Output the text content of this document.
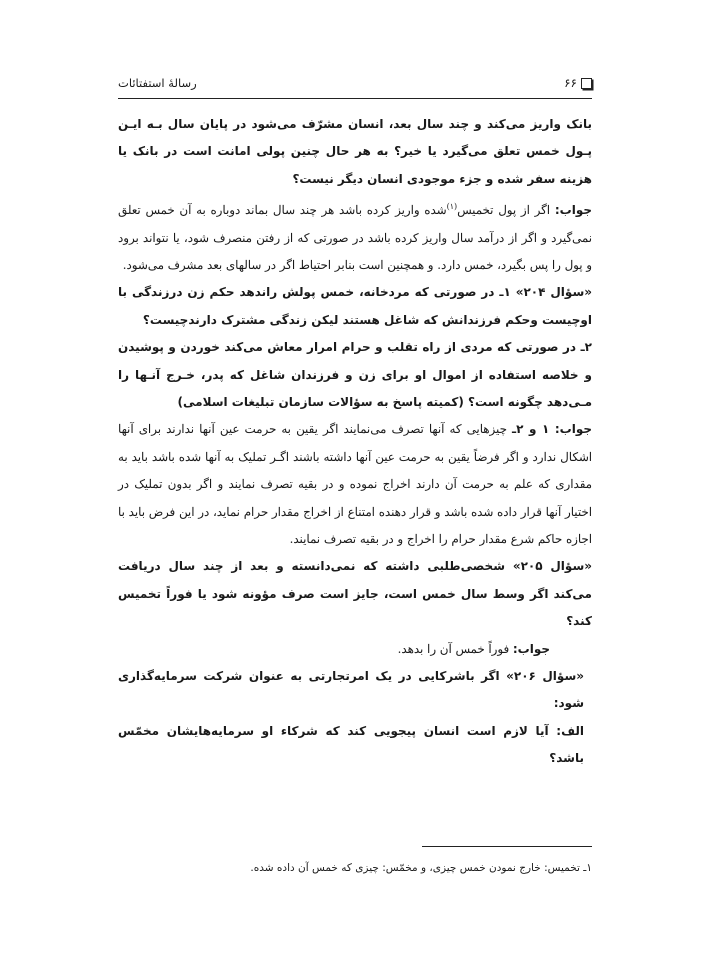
۶۶
رسالهٔ استفتائات

بانک واریز می‌کند و چند سال بعد، انسان مشرّف می‌شود در پایان سال بـه ایـن پـول خمس تعلق می‌گیرد یا خیر؟ به هر حال چنین پولی امانت است در بانک یا هزینه سفر شده و جزء موجودی انسان دیگر نیست؟

جواب: اگر از پول تخمیس$^{(۱)}$شده واریز کرده باشد هر چند سال بماند دوباره به آن خمس تعلق نمی‌گیرد و اگر از درآمد سال واریز کرده باشد در صورتی که از رفتن منصرف شود، یا نتواند برود و پول را پس بگیرد، خمس دارد. و همچنین است بنابر احتیاط اگر در سالهای بعد مشرف می‌شود.

«سؤال ۲۰۴» ۱ـ در صورتی که مردخانه، خمس پولش راندهد حکم زن درزندگی با اوچیست وحکم فرزندانش که شاغل هستند لیکن زندگی مشترک دارندچیست؟

۲ـ در صورتی که مردی از راه تقلب و حرام امرار معاش می‌کند خوردن و پوشیدن و خلاصه استفاده از اموال او برای زن و فرزندان شاغل که پدر، خـرج آنـها را مـی‌دهد چگونه است؟ (کمیته پاسخ به سؤالات سازمان تبلیغات اسلامی)

جواب: ۱ و ۲ـ چیزهایی که آنها تصرف می‌نمایند اگر یقین به حرمت عین آنها ندارند برای آنها اشکال ندارد و اگر فرضاً یقین به حرمت عین آنها داشته باشند اگـر تملیک به آنها شده باشد باید به مقداری که علم به حرمت آن دارند اخراج نموده و در بقیه تصرف نمایند و اگر بدون تملیک در اختیار آنها قرار داده شده باشد و قرار دهنده امتناع از اخراج مقدار حرام نماید، در این فرض باید با اجازه حاکم شرع مقدار حرام را اخراج و در بقیه تصرف نمایند.

«سؤال ۲۰۵» شخصی‌طلبی داشته که نمی‌دانسته و بعد از چند سال دریافت می‌کند اگر وسط سال خمس است، جایز است صرف مؤونه شود یا فوراً تخمیس کند؟

جواب: فوراً خمس آن را بدهد.

«سؤال ۲۰۶» اگر باشرکایی در یک امرتجارتی به عنوان شرکت سرمایه‌گذاری شود:

الف: آیا لازم است انسان پیجویی کند که شرکاء او سرمایه‌هایشان مخمّس باشد؟

۱ـ تخمیس: خارج نمودن خمس چیزی، و مخمّس: چیزی که خمس آن داده شده.
